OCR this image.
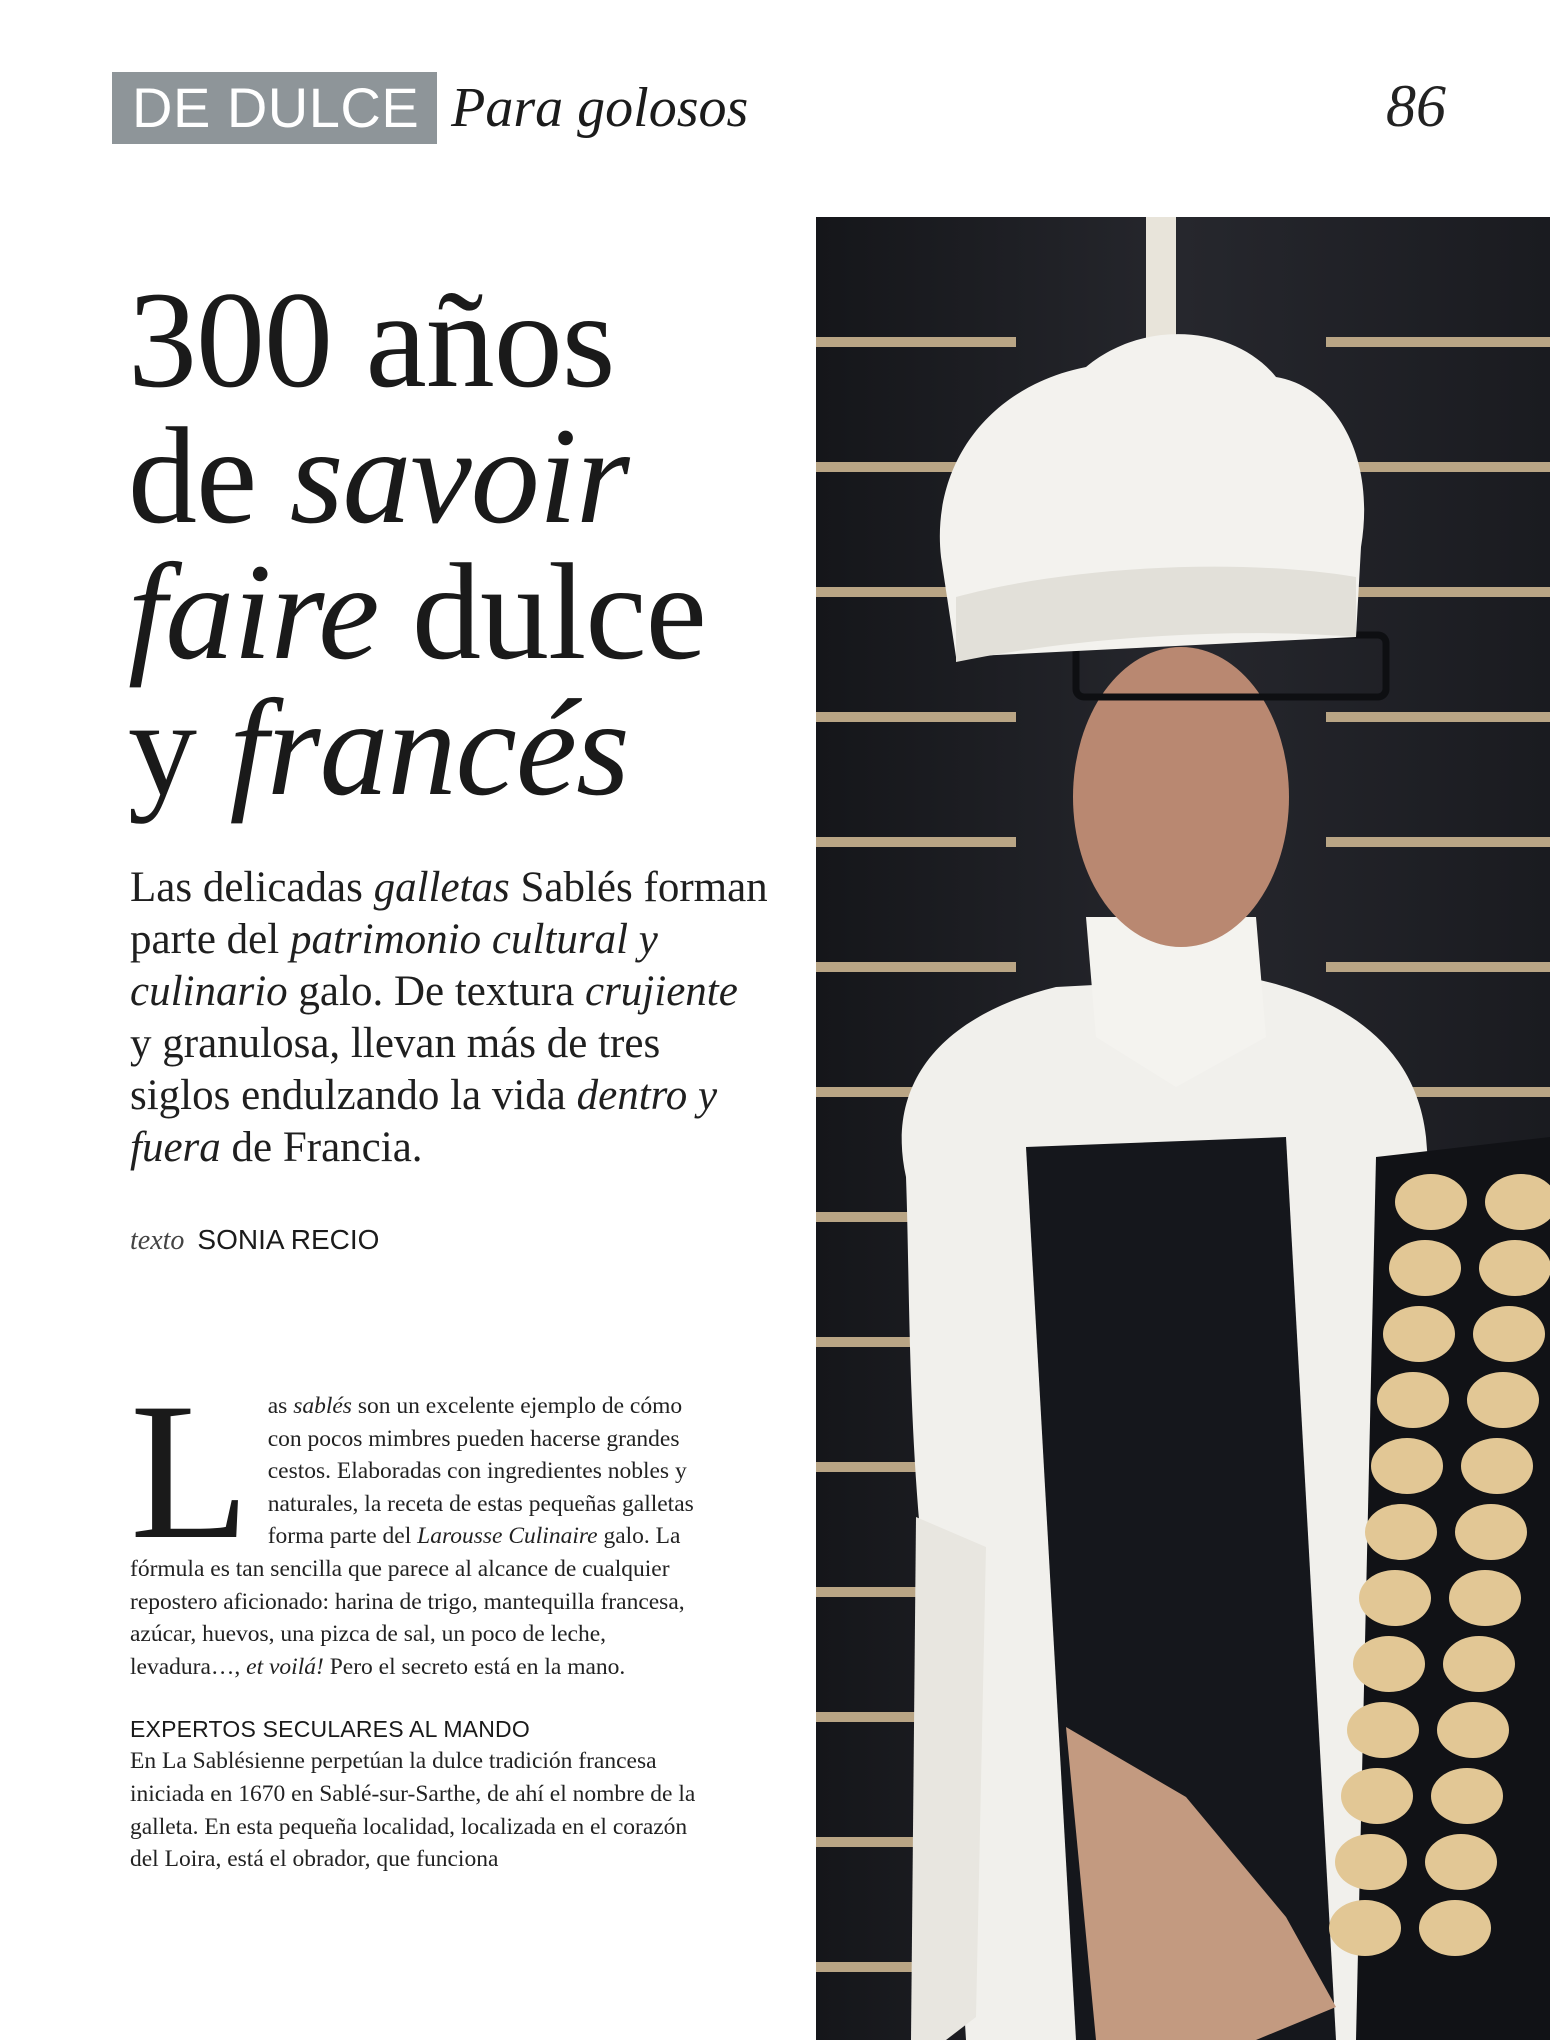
DE DULCE Para golosos	86
300 años
de savoir
faire dulce
y francés

Las delicadas galletas Sablés forman parte del patrimonio cultural y culinario galo. De textura crujiente y granulosa, llevan más de tres siglos endulzando la vida dentro y fuera de Francia.

texto SONIA RECIO

Las sablés son un excelente ejemplo de cómo con pocos mimbres pueden hacerse grandes cestos. Elaboradas con ingredientes nobles y naturales, la receta de estas pequeñas galletas forma parte del Larousse Culinaire galo. La fórmula es tan sencilla que parece al alcance de cualquier repostero aficionado: harina de trigo, mantequilla francesa, azúcar, huevos, una pizca de sal, un poco de leche, levadura…, et voilá! Pero el secreto está en la mano.

EXPERTOS SECULARES AL MANDO

En La Sablésienne perpetúan la dulce tradición francesa iniciada en 1670 en Sablé-sur-Sarthe, de ahí el nombre de la galleta. En esta pequeña localidad, localizada en el corazón del Loira, está el obrador, que funciona
